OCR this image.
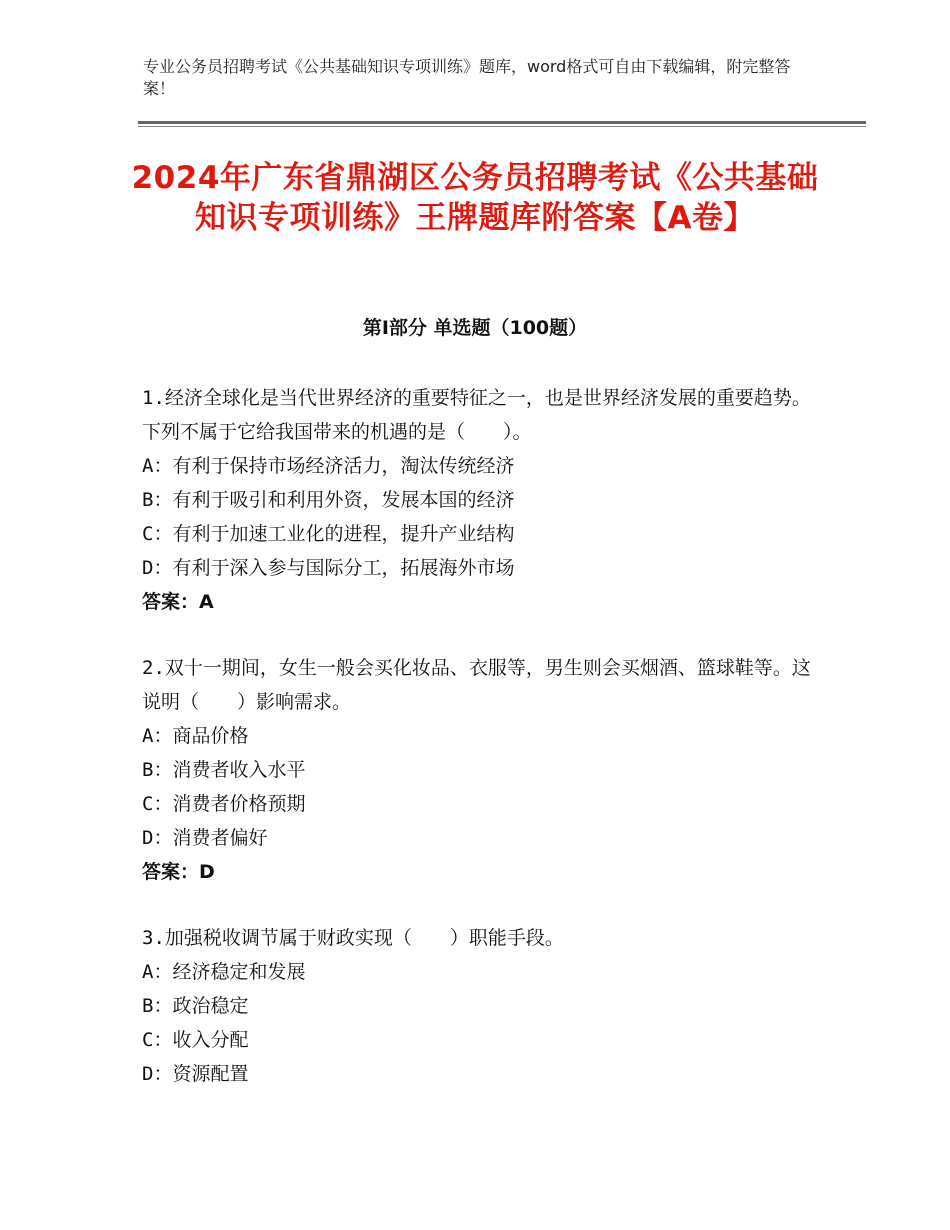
专业公务员招聘考试《公共基础知识专项训练》题库，word格式可自由下载编辑，附完整答案！
2024年广东省鼎湖区公务员招聘考试《公共基础知识专项训练》王牌题库附答案【A卷】
第Ⅰ部分 单选题（100题）

1.经济全球化是当代世界经济的重要特征之一，也是世界经济发展的重要趋势。下列不属于它给我国带来的机遇的是（　　）。

A：有利于保持市场经济活力，淘汰传统经济

B：有利于吸引和利用外资，发展本国的经济

C：有利于加速工业化的进程，提升产业结构

D：有利于深入参与国际分工，拓展海外市场

答案：A

2.双十一期间，女生一般会买化妆品、衣服等，男生则会买烟酒、篮球鞋等。这说明（　　）影响需求。

A：商品价格

B：消费者收入水平

C：消费者价格预期

D：消费者偏好

答案：D

3.加强税收调节属于财政实现（　　）职能手段。

A：经济稳定和发展

B：政治稳定

C：收入分配

D：资源配置
